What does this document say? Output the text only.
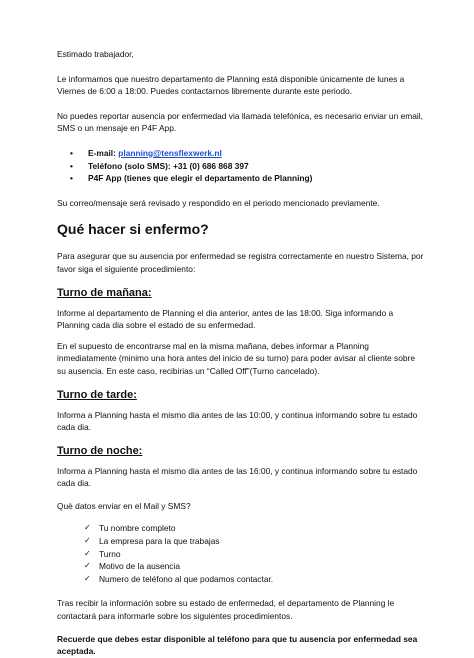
Estimado trabajador,

Le informamos que nuestro departamento de Planning está disponible únicamente de lunes a Viernes de 6:00 a 18:00. Puedes contactarnos libremente durante este periodo.

No puedes reportar ausencia por enfermedad via llamada telefónica, es necesario enviar un email, SMS o un mensaje en P4F App.

• E-mail: planning@tensflexwerk.nl
• Teléfono (solo SMS): +31 (0) 686 868 397
• P4F App (tienes que elegir el departamento de Planning)

Su correo/mensaje será revisado y respondido en el periodo mencionado previamente.

Qué hacer si enfermo?

Para asegurar que su ausencia por enfermedad se registra correctamente en nuestro Sistema, por favor siga el siguiente procedimiento:

Turno de mañana:

Informe al departamento de Planning el dia anterior, antes de las 18:00. Siga informando a Planning cada dia sobre el estado de su enfermedad.

En el supuesto de encontrarse mal en la misma mañana, debes informar a Planning inmediatamente (minimo una hora antes del inicio de su turno) para poder avisar al cliente sobre su ausencia. En este caso, recibirias un “Called Off”(Turno cancelado).

Turno de tarde:

Informa a Planning hasta el mismo dia antes de las 10:00, y continua informando sobre tu estado cada dia.

Turno de noche:

Informa a Planning hasta el mismo dia antes de las 16:00, y continua informando sobre tu estado cada dia.

Què datos enviar en el Mail y SMS?

✓ Tu nombre completo
✓ La empresa para la que trabajas
✓ Turno
✓ Motivo de la ausencia
✓ Numero de teléfono al que podamos contactar.

Tras recibir la información sobre su estado de enfermedad, el departamento de Planning le contactará para informarle sobre los siguientes procedimientos.

Recuerde que debes estar disponible al teléfono para que tu ausencia por enfermedad sea aceptada.
